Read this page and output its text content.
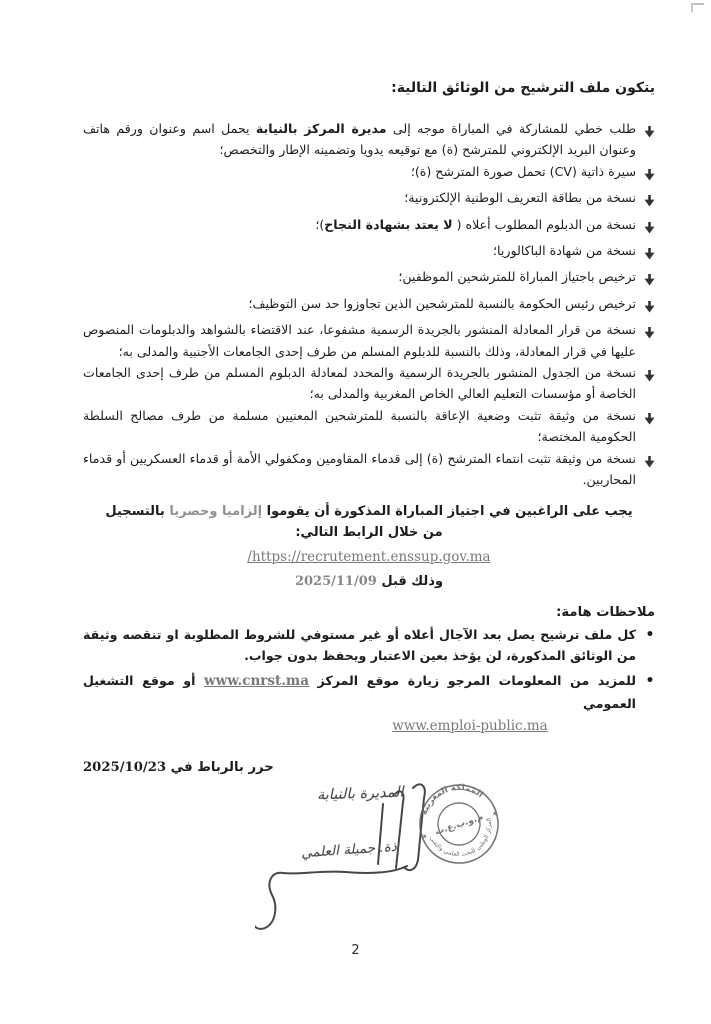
يتكون ملف الترشيح من الوثائق التالية:

طلب خطي للمشاركة في المباراة موجه إلى مديرة المركز بالنيابة يحمل اسم وعنوان ورقم هاتف وعنوان البريد الإلكتروني للمترشح (ة) مع توقيعه يدويا وتضمينه الإطار والتخصص؛
سيرة ذاتية (CV) تحمل صورة المترشح (ة)؛
نسخة من بطاقة التعريف الوطنية الإلكترونية؛
نسخة من الدبلوم المطلوب أعلاه ( لا يعتد بشهادة النجاح)؛
نسخة من شهادة الباكالوريا؛
ترخيص باجتياز المباراة للمترشحين الموظفين؛
ترخيص رئيس الحكومة بالنسبة للمترشحين الذين تجاوزوا حد سن التوظيف؛
نسخة من قرار المعادلة المنشور بالجريدة الرسمية مشفوعا، عند الاقتضاء بالشواهد والدبلومات المنصوص عليها في قرار المعادلة، وذلك بالنسبة للدبلوم المسلم من طرف إحدى الجامعات الأجنبية والمدلى به؛
نسخة من الجدول المنشور بالجريدة الرسمية والمحدد لمعادلة الدبلوم المسلم من طرف إحدى الجامعات الخاصة أو مؤسسات التعليم العالي الخاص المغربية والمدلى به؛
نسخة من وثيقة تثبت وضعية الإعاقة بالنسبة للمترشحين المعنيين مسلمة من طرف مصالح السلطة الحكومية المختصة؛
نسخة من وثيقة تثبت انتماء المترشح (ة) إلى قدماء المقاومين ومكفولي الأمة أو قدماء العسكريين أو قدماء المحاربين.

يجب على الراغبين في اجتياز المباراة المذكورة أن يقوموا إلزاميا وحصريا بالتسجيل من خلال الرابط التالي:

https://recrutement.enssup.gov.ma/
وذلك قبل 2025/11/09
ملاحظات هامة:
•
كل ملف ترشيح يصل بعد الآجال أعلاه أو غير مستوفي للشروط المطلوبة او تنقصه وثيقة من الوثائق المذكورة، لن يؤخذ بعين الاعتبار ويحفظ بدون جواب.
•
للمزيد من المعلومات المرجو زيارة موقع المركز www.cnrst.ma أو موقع التشغيل العمومي
www.emploi-public.ma
حرر بالرباط في 2025/10/23
المديرة بالنيابة
ذة. جميلة العلمي
المملكة المغربية
المركز الوطني للبحث العلمي والتقني
م.و.ب.ع.ت
✶
✶
2
